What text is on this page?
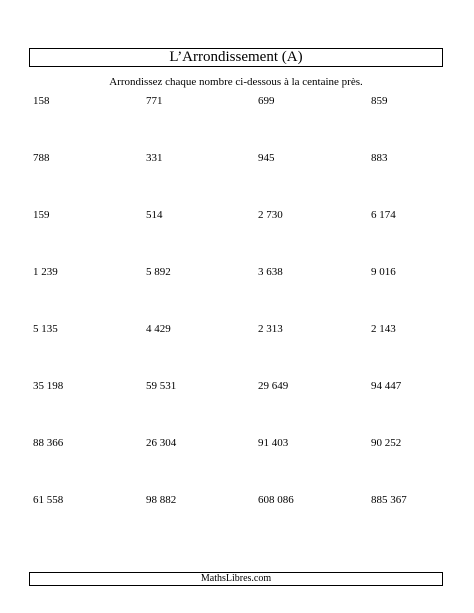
L’Arrondissement (A)
Arrondissez chaque nombre ci-dessous à la centaine près.
158	771	699	859
788	331	945	883
159	514	2 730	6 174
1 239	5 892	3 638	9 016
5 135	4 429	2 313	2 143
35 198	59 531	29 649	94 447
88 366	26 304	91 403	90 252
61 558	98 882	608 086	885 367
MathsLibres.com
